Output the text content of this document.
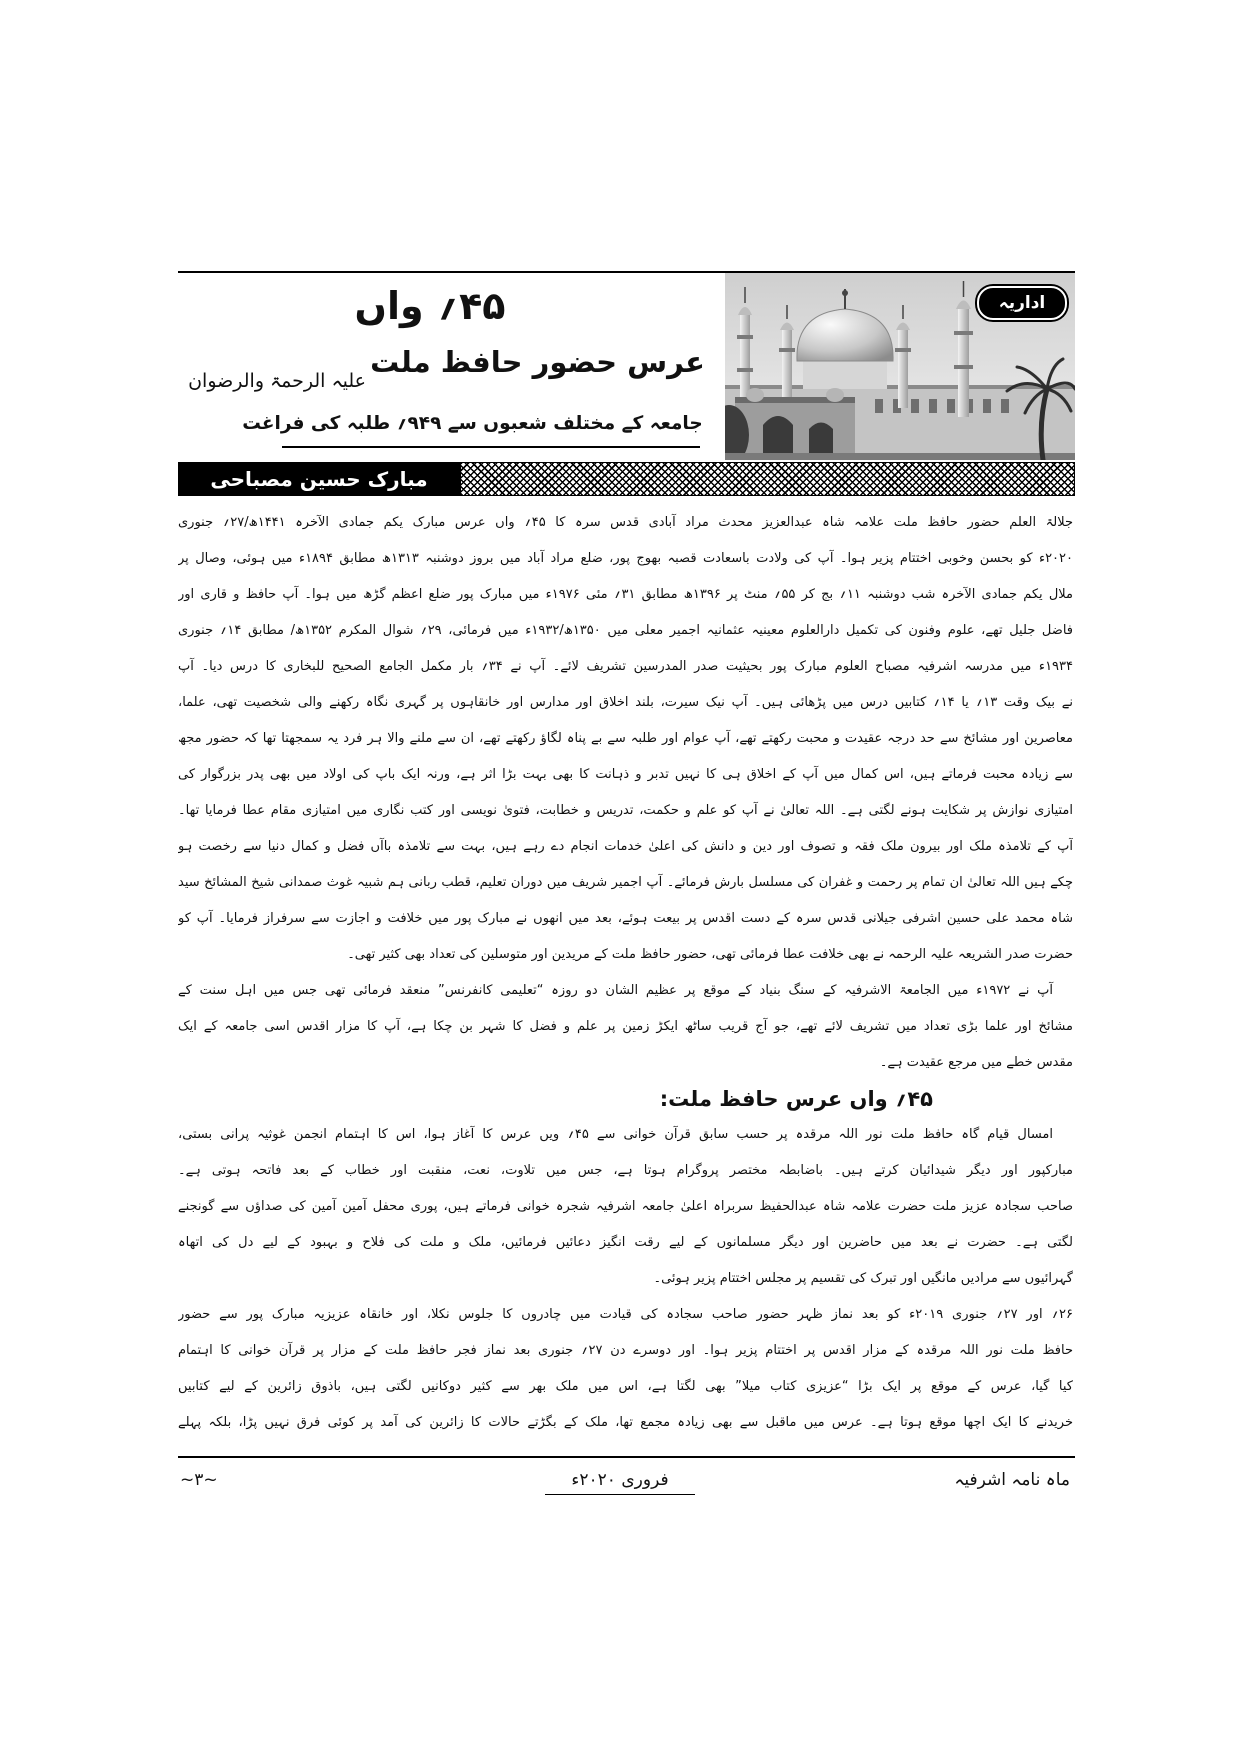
اداریہ
۴۵؍ واں
عرس حضور حافظ ملت
علیہ الرحمۃ والرضوان
جامعہ کے مختلف شعبوں سے ۹۴۹؍ طلبہ کی فراغت
مبارک حسین مصباحی
جلالۃ العلم حضور حافظ ملت علامہ شاہ عبدالعزیز محدث مراد آبادی قدس سرہ کا ۴۵؍ واں عرس مبارک یکم جمادی الآخرہ ۱۴۴۱ھ/۲۷؍ جنوری
۲۰۲۰ء کو بحسن وخوبی اختتام پزیر ہوا۔ آپ کی ولادت باسعادت قصبہ بھوج پور، ضلع مراد آباد میں بروز دوشنبہ ۱۳۱۳ھ مطابق ۱۸۹۴ء میں ہوئی، وصال پر
ملال یکم جمادی الآخرہ شب دوشنبہ ۱۱؍ بج کر ۵۵؍ منٹ پر ۱۳۹۶ھ مطابق ۳۱؍ مئی ۱۹۷۶ء میں مبارک پور ضلع اعظم گڑھ میں ہوا۔ آپ حافظ و قاری اور
فاضل جلیل تھے، علوم وفنون کی تکمیل دارالعلوم معینیہ عثمانیہ اجمیر معلی میں ۱۳۵۰ھ/۱۹۳۲ء میں فرمائی، ۲۹؍ شوال المکرم ۱۳۵۲ھ/ مطابق ۱۴؍ جنوری
۱۹۳۴ء میں مدرسہ اشرفیہ مصباح العلوم مبارک پور بحیثیت صدر المدرسین تشریف لائے۔ آپ نے ۳۴؍ بار مکمل الجامع الصحیح للبخاری کا درس دیا۔ آپ
نے بیک وقت ۱۳؍ یا ۱۴؍ کتابیں درس میں پڑھائی ہیں۔ آپ نیک سیرت، بلند اخلاق اور مدارس اور خانقاہوں پر گہری نگاہ رکھنے والی شخصیت تھی، علما،
معاصرین اور مشائخ سے حد درجہ عقیدت و محبت رکھتے تھے، آپ عوام اور طلبہ سے بے پناہ لگاؤ رکھتے تھے، ان سے ملنے والا ہر فرد یہ سمجھتا تھا کہ حضور مجھ
سے زیادہ محبت فرماتے ہیں، اس کمال میں آپ کے اخلاق ہی کا نہیں تدبر و ذہانت کا بھی بہت بڑا اثر ہے، ورنہ ایک باپ کی اولاد میں بھی پدر بزرگوار کی
امتیازی نوازش پر شکایت ہونے لگتی ہے۔ اللہ تعالیٰ نے آپ کو علم و حکمت، تدریس و خطابت، فتویٰ نویسی اور کتب نگاری میں امتیازی مقام عطا فرمایا تھا۔
آپ کے تلامذہ ملک اور بیرون ملک فقہ و تصوف اور دین و دانش کی اعلیٰ خدمات انجام دے رہے ہیں، بہت سے تلامذہ باآں فضل و کمال دنیا سے رخصت ہو
چکے ہیں اللہ تعالیٰ ان تمام پر رحمت و غفران کی مسلسل بارش فرمائے۔ آپ اجمیر شریف میں دوران تعلیم، قطب ربانی ہم شبیہ غوث صمدانی شیخ المشائخ سید
شاہ محمد علی حسین اشرفی جیلانی قدس سرہ کے دست اقدس پر بیعت ہوئے، بعد میں انھوں نے مبارک پور میں خلافت و اجازت سے سرفراز فرمایا۔ آپ کو
حضرت صدر الشریعہ علیہ الرحمہ نے بھی خلافت عطا فرمائی تھی، حضور حافظ ملت کے مریدین اور متوسلین کی تعداد بھی کثیر تھی۔
آپ نے ۱۹۷۲ء میں الجامعۃ الاشرفیہ کے سنگ بنیاد کے موقع پر عظیم الشان دو روزہ “تعلیمی کانفرنس” منعقد فرمائی تھی جس میں اہل سنت کے
مشائخ اور علما بڑی تعداد میں تشریف لائے تھے، جو آج قریب ساٹھ ایکڑ زمین پر علم و فضل کا شہر بن چکا ہے، آپ کا مزار اقدس اسی جامعہ کے ایک
مقدس خطے میں مرجع عقیدت ہے۔
۴۵؍ واں عرس حافظ ملت:
امسال قیام گاہ حافظ ملت نور اللہ مرقدہ پر حسب سابق قرآن خوانی سے ۴۵؍ ویں عرس کا آغاز ہوا، اس کا اہتمام انجمن غوثیہ پرانی بستی،
مبارکپور اور دیگر شیدائیان کرتے ہیں۔ باضابطہ مختصر پروگرام ہوتا ہے، جس میں تلاوت، نعت، منقبت اور خطاب کے بعد فاتحہ ہوتی ہے۔
صاحب سجادہ عزیز ملت حضرت علامہ شاہ عبدالحفیظ سربراہ اعلیٰ جامعہ اشرفیہ شجرہ خوانی فرماتے ہیں، پوری محفل آمین آمین کی صداؤں سے گونجنے
لگتی ہے۔ حضرت نے بعد میں حاضرین اور دیگر مسلمانوں کے لیے رقت انگیز دعائیں فرمائیں، ملک و ملت کی فلاح و بہبود کے لیے دل کی اتھاہ
گہرائیوں سے مرادیں مانگیں اور تبرک کی تقسیم پر مجلس اختتام پزیر ہوئی۔
۲۶؍ اور ۲۷؍ جنوری ۲۰۱۹ء کو بعد نماز ظہر حضور صاحب سجادہ کی قیادت میں چادروں کا جلوس نکلا، اور خانقاہ عزیزیہ مبارک پور سے حضور
حافظ ملت نور اللہ مرقدہ کے مزار اقدس پر اختتام پزیر ہوا۔ اور دوسرے دن ۲۷؍ جنوری بعد نماز فجر حافظ ملت کے مزار پر قرآن خوانی کا اہتمام
کیا گیا، عرس کے موقع پر ایک بڑا “عزیزی کتاب میلا” بھی لگتا ہے، اس میں ملک بھر سے کثیر دوکانیں لگتی ہیں، باذوق زائرین کے لیے کتابیں
خریدنے کا ایک اچھا موقع ہوتا ہے۔ عرس میں ماقبل سے بھی زیادہ مجمع تھا، ملک کے بگڑتے حالات کا زائرین کی آمد پر کوئی فرق نہیں پڑا، بلکہ پہلے
ماہ نامہ اشرفیہ
فروری ۲۰۲۰ء
~۳~
